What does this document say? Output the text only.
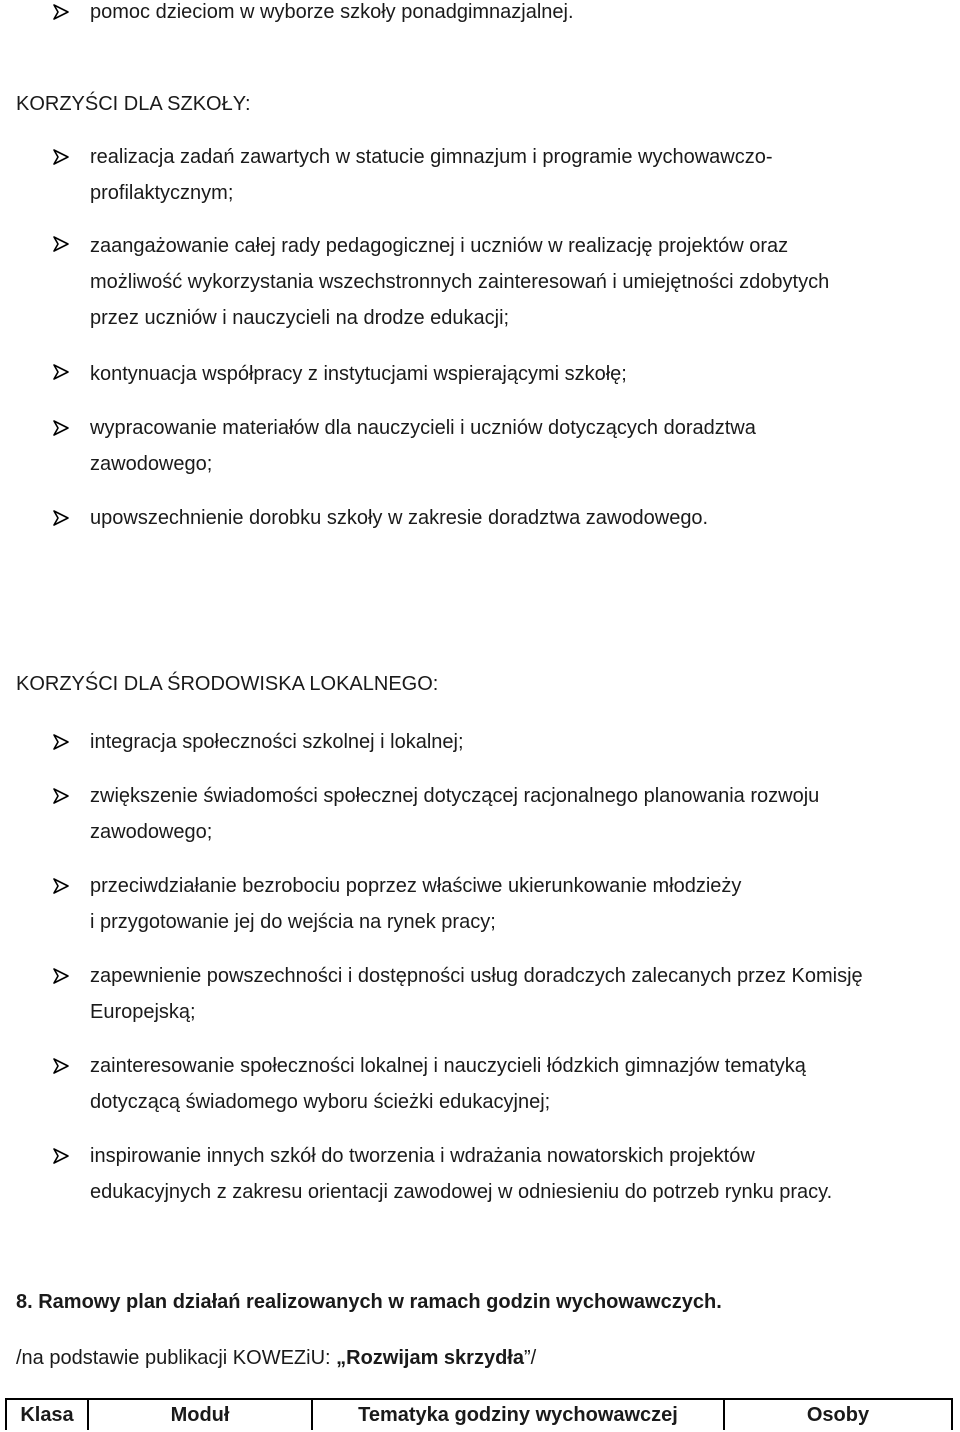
pomoc dzieciom w wyborze szkoły ponadgimnazjalnej.
KORZYŚCI DLA SZKOŁY:
realizacja zadań zawartych w statucie gimnazjum i programie wychowawczo-
profilaktycznym;
zaangażowanie całej rady pedagogicznej i uczniów w realizację projektów oraz
możliwość wykorzystania wszechstronnych zainteresowań i umiejętności zdobytych
przez uczniów i nauczycieli na drodze edukacji;
kontynuacja współpracy z instytucjami wspierającymi szkołę;
wypracowanie materiałów dla nauczycieli i uczniów dotyczących doradztwa
zawodowego;
upowszechnienie dorobku szkoły w zakresie doradztwa zawodowego.
KORZYŚCI DLA ŚRODOWISKA LOKALNEGO:
integracja społeczności szkolnej i lokalnej;
zwiększenie świadomości społecznej dotyczącej racjonalnego planowania rozwoju
zawodowego;
przeciwdziałanie bezrobociu poprzez właściwe ukierunkowanie młodzieży
i przygotowanie jej do wejścia na rynek pracy;
zapewnienie powszechności i dostępności usług doradczych zalecanych przez Komisję
Europejską;
zainteresowanie społeczności lokalnej i nauczycieli łódzkich gimnazjów tematyką
dotyczącą świadomego wyboru ścieżki edukacyjnej;
inspirowanie innych szkół do tworzenia i wdrażania nowatorskich projektów
edukacyjnych z zakresu orientacji zawodowej w odniesieniu do potrzeb rynku pracy.
8. Ramowy plan działań realizowanych w ramach godzin wychowawczych.
/na podstawie publikacji KOWEZiU: „Rozwijam skrzydła”/
Klasa	Moduł	Tematyka godziny wychowawczej	Osoby
